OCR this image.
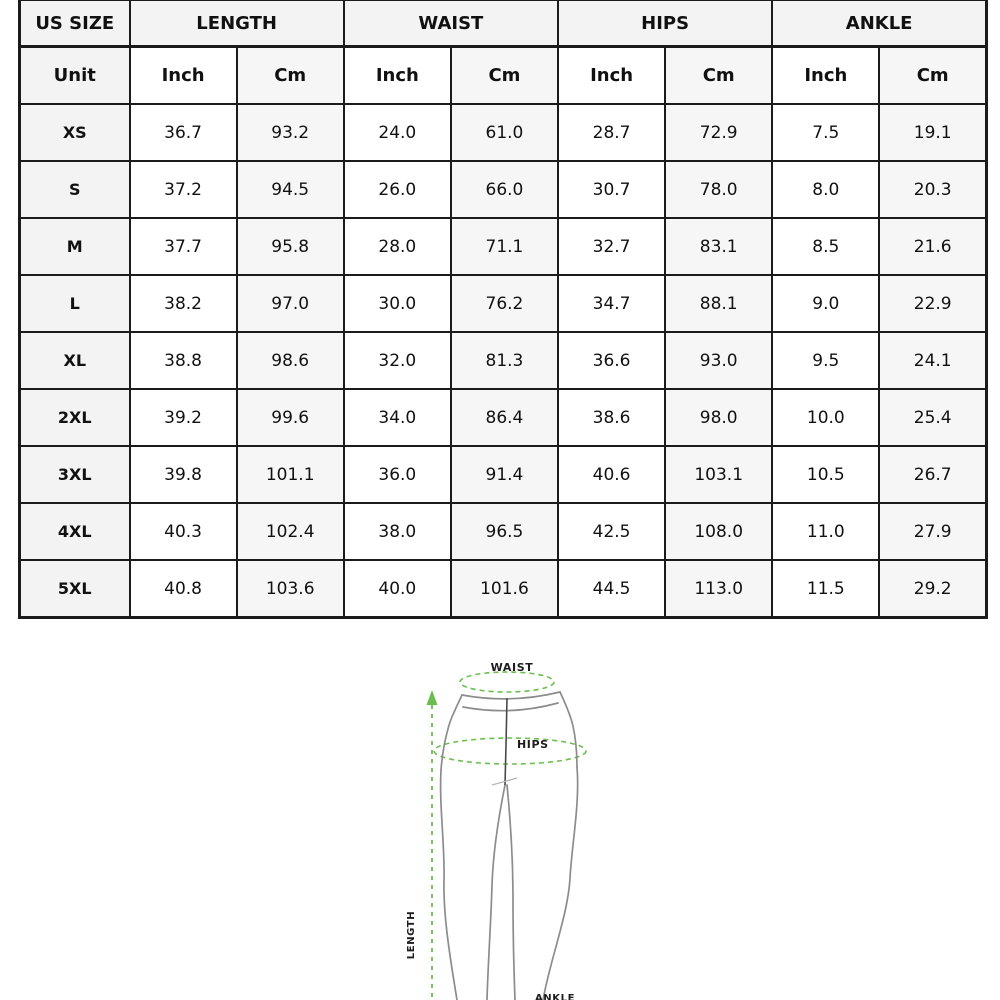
US SIZE	LENGTH		WAIST		HIPS		ANKLE	
Unit	Inch	Cm	Inch	Cm	Inch	Cm	Inch	Cm
XS	36.7	93.2	24.0	61.0	28.7	72.9	7.5	19.1
S	37.2	94.5	26.0	66.0	30.7	78.0	8.0	20.3
M	37.7	95.8	28.0	71.1	32.7	83.1	8.5	21.6
L	38.2	97.0	30.0	76.2	34.7	88.1	9.0	22.9
XL	38.8	98.6	32.0	81.3	36.6	93.0	9.5	24.1
2XL	39.2	99.6	34.0	86.4	38.6	98.0	10.0	25.4
3XL	39.8	101.1	36.0	91.4	40.6	103.1	10.5	26.7
4XL	40.3	102.4	38.0	96.5	42.5	108.0	11.0	27.9
5XL	40.8	103.6	40.0	101.6	44.5	113.0	11.5	29.2
WAIST
HIPS
LENGTH
ANKLE
